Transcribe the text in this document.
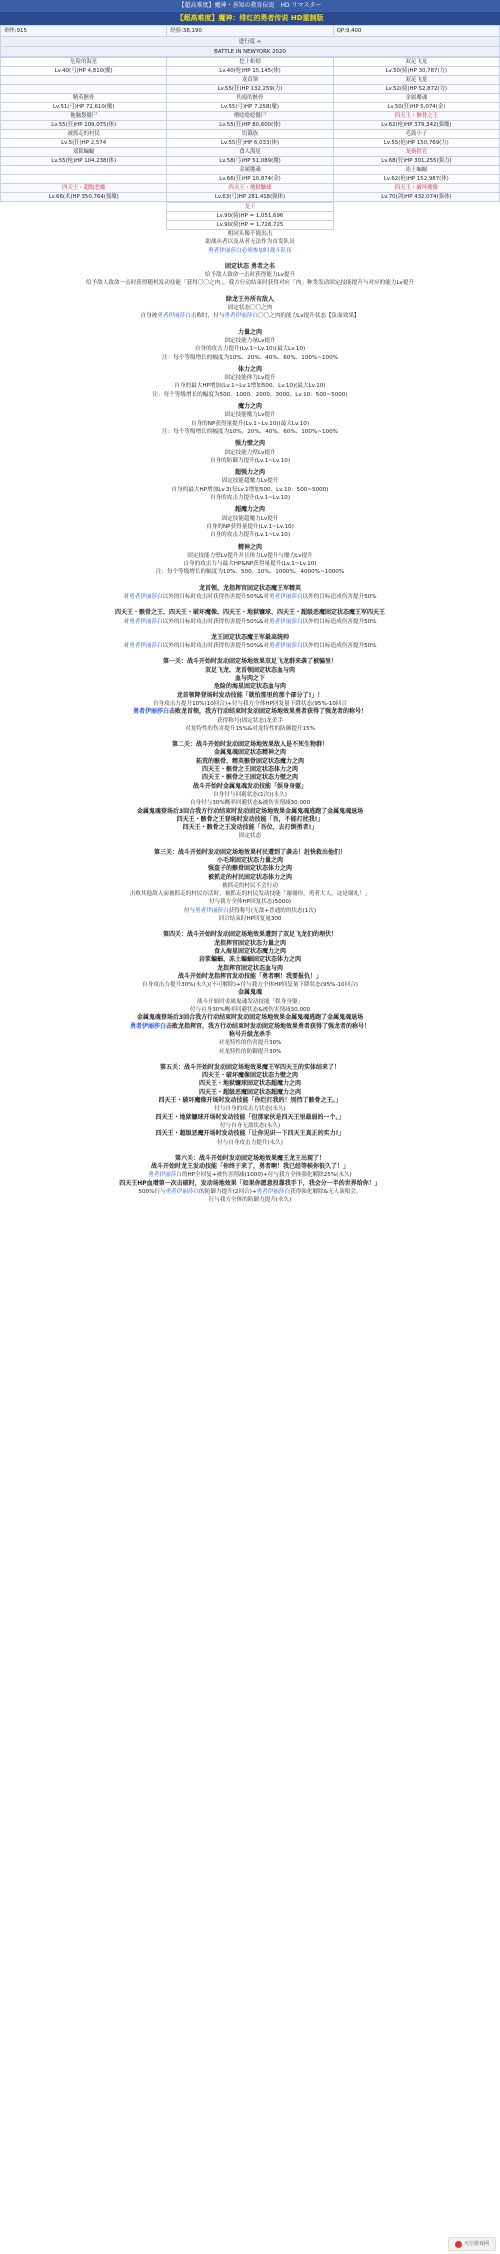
【超高难度】魔神・善知の教育伝说　HD リマスター
【超高难度】魔神：绯红的勇者传说 HD重制版
牵绊:915	经验:38,190	QP:9,400
进行度 ∞
BATTLE IN NEWYORK 2020
危险的海星	挖土蚯蚓	双足飞龙
Lv.40(弓)HP 4,810(魔)	Lv.40(枪)HP 15,145(体)	Lv.50(骑)HP 30,787(力)
	龙首领	双足飞龙
	Lv.55(狂)HP 132,259(力)	Lv.52(骑)HP 52,872(力)
精英骸骨	伤痕的骸骨	金属魔魂
Lv.51(弓)HP 72,610(魔)	Lv.55(弓)HP 7,258(魔)	Lv.50(狂)HP 5,074(金)
拖脑袋僵尸	嗜唸唸唸僵尸	四天王・骸骨之王
Lv.55(狂)HP 109,075(体)	Lv.55(狂)HP 80,600(体)	Lv.62(枪)HP 379,342(强魔)
被抓走的村民	饥饿族	毛鼓小子
Lv.5(狂)HP 2,574	Lv.55(狂)HP 6,033(体)	Lv.55(枪)HP 150,769(力)
郊狱蝙蝠	食人海星	龙指挥官
Lv.55(枪)HP 104,238(体)	Lv.58(弓)HP 51,089(魔)	Lv.68(狂)HP 301,255(强力)
	金属魔魂	冻土蝙蝠
	Lv.66(狂)HP 10,874(金)	Lv.62(枪)HP 152,987(体)
四天王・超级恶魔	四天王・地狱镰球	四天王・破坏魔像
Lv.66(术)HP 350,764(强魔)	Lv.63(弓)HP 281,418(强体)	Lv.70(剑)HP 432,074(强体)
	龙王	
	Lv.90(骑)HP = 1,051,696	
	Lv.90(骑)HP = 1,728,725	
相同头像不能出击
助战从者以及从者无法作为首发队员
勇者伊丽莎白必须参加时战斗队伍
固定状态 勇者之名
给予敌人致命一击时获得能力Lv提升
给予敌人致命一击时获得随机发动技能「获得〇〇之肉」，我方行动结束时获得对应「肉」种类发动固定技能提升与对应的能力Lv提升
除龙王外所有敌人
固定状态〇〇之肉
自身被勇者伊丽莎白击败时，付与勇者伊丽莎白〇〇之肉的能力Lv提升状态【负面效果】
力量之肉
固定技能力量Lv提升
自身的攻击力提升(Lv.1~Lv.10)(最大Lv.10)
注：每个等级增长的幅度为10%、20%、40%、60%、100%~100%
体力之肉
固定技能体力Lv提升
自身的最大HP增加(Lv.1~Lv.1增加500、Lv.10)(最大Lv.10)
注：每个等级增长的幅度为500、1000、2000、3000、Lv.10：500~5000)
魔力之肉
固定技能魔力Lv提升
自身的NP获得量提升(Lv.1~Lv.10)(最大Lv.10)
注：每个等级增长的幅度为10%、20%、40%、60%、100%~100%
强力壁之肉
固定技能力壁Lv提升
自身的防御力提升(Lv.1~Lv.10)
超强力之肉
固定技能超魔力Lv提升
自身的最大HP增加Lv.3(每Lv.1增加500、Lv.10：500~5000)
自身的攻击力提升(Lv.1~Lv.10)
超魔力之肉
固定技能超魔力Lv提升
自身的NP获得量提升(Lv.1~Lv.10)
自身的攻击力提升(Lv.1~Lv.10)
精神之肉
固定技能力壁Lv提升并且体力Lv提升与魔力Lv提升
自身的攻击力与最大HP&NP获得量提升(Lv.1~Lv.10)
注：每个等级增长的幅度为10%、500、10%、1000%、4000%~1000%
龙首领、龙指挥官固定状态魔王军精英
对勇者伊丽莎白以外的目标时攻击时获得伤害提升50%&对勇者伊丽莎白以外的目标造成伤害提升50%
四天王・骸骨之王、四天王・破坏魔像、四天王・地狱镰球、四天王・超级恶魔固定状态魔王军四天王
对勇者伊丽莎白以外的目标时攻击时获得伤害提升50%&对勇者伊丽莎白以外的目标造成伤害提升50%
龙王固定状态魔王军最高统帅
对勇者伊丽莎白以外的目标时攻击时获得伤害提升50%&对勇者伊丽莎白以外的目标造成伤害提升50%
第一关：战斗开始时发动固定场地效果双足飞龙群来袭了被骗里！
双足飞龙、龙首领固定状态血与肉
血与肉之下
危险的海星固定状态血与肉
龙首领降登场时发动技能「就怕那里的那个部分了!」！
自身攻击力提升10%(10回合)+付与我方全体HP回复量下降状态(95%-10回合
勇者伊丽莎白击败龙首领，我方行动结束时发动固定场地效果勇者获得了强龙者的称号！
获得称号(固定状态)龙杀手
对龙特性的伤害提升15%&对龙特性的防御提升15%
第二关：战斗开始时发动固定场地效果敌人是不死生物群！
金属鬼魂固定状态精神之肉
拓荒的骸骨、精英骸骨固定状态魔力之肉
四天王・骸骨之王固定状态体力之肉
四天王・骸骨之王固定状态力壁之肉
战斗开始时金属鬼魂发动技能「娱身身躯」
自身付与回避状态(1次)(永久)
自身付与30%概率回避状态&被伤害削减30,000
金属鬼魂登场后3回合我方行动结束时发动固定场地效果金属鬼魂逃跑了金属鬼魂退场
四天王・骸骨之王登场时发动技能「吾，不能打扰我!」
四天王・骸骨之王发动技能「吾位，去打倒勇者!」
固定状态
第三关：战斗开始时发动固定场地效果村民遭到了袭击！赶快救出他们！
小毛球固定状态力量之肉
强盗子的骸骨固定状态体力之肉
被抓走的村民固定状态体力之肉
被抓走的村民不会行动
击败其他敌人而被抓走的村民存活时，被抓走的村民发动技能「谢谢你，勇者大人，这是谢礼！」
付与我方全体HP回复状态(5000)
付与勇者伊丽莎白获得称号(无敌+普通的的状态(1次)
回合结束时HP回复量300
第四关：战斗开始时发动固定场地效果遭到了双足飞龙们的埋伏！
龙指挥官固定状态力量之肉
食人海星固定状态魔力之肉
岩浆蝙蝠、冻土蝙蝠固定状态体力之肉
龙指挥官固定状态血与肉
战斗开始时龙指挥官发动技能「勇者啊！我要报仇！」
自身攻击力提升30%(永久)(不可解除)+付与我方全体HP回复量下降状态(95%-10回合)
金属鬼魂
战斗开始时金属鬼魂发动技能「娱身身躯」
付与自身30%概率回避状态&被伤害削减30,000
金属鬼魂登场后3回合我方行动结束时发动固定场地效果金属鬼魂逃跑了金属鬼魂退场
勇者伊丽莎白击败龙指挥官，我方行动结束时发动固定场地效果勇者获得了强龙者的称号！
称号升级龙杀手
对龙特性的伤害提升30%
对龙特性的防御提升30%
第五关：战斗开始时发动固定场地效果魔王军四天王的实体结来了！
四天王・破坏魔像固定状态力壁之肉
四天王・地狱镰球固定状态超魔力之肉
四天王・超级恶魔固定状态超魔力之肉
四天王・破坏魔像开场时发动技能「你烂打我的！别挡了骸骨之王。」
付与自身的攻击力状态(永久)
四天王・地狱镰球开场时发动技能「但那家伙是四天王里最弱的一个。」
付与自身无敌状态(永久)
四天王・超级恶魔开场时发动技能「让你见识一下四天王真正的实力!」
付与自身攻击力提升(永久)
第六关：战斗开始时发动固定场地效果魔王龙王出现了！
战斗开始时龙王发动技能「你终于来了，勇者啊！我已经等候你很久了！」
勇者伊丽莎白的HP全回复+被伤害削减(1000)+付与我方全体强化解除25%(永久)
四天王HP血增第一次击破时，发动场地效果「如果你愿意投靠我手下，我会分一半的世界给你！」
500%行与勇者伊丽莎白的防御力提升(2回合)+勇者伊丽莎白获得强化解除&无人演唱会。
行与我方全体的防御力提升(永久)
天空游戏网
